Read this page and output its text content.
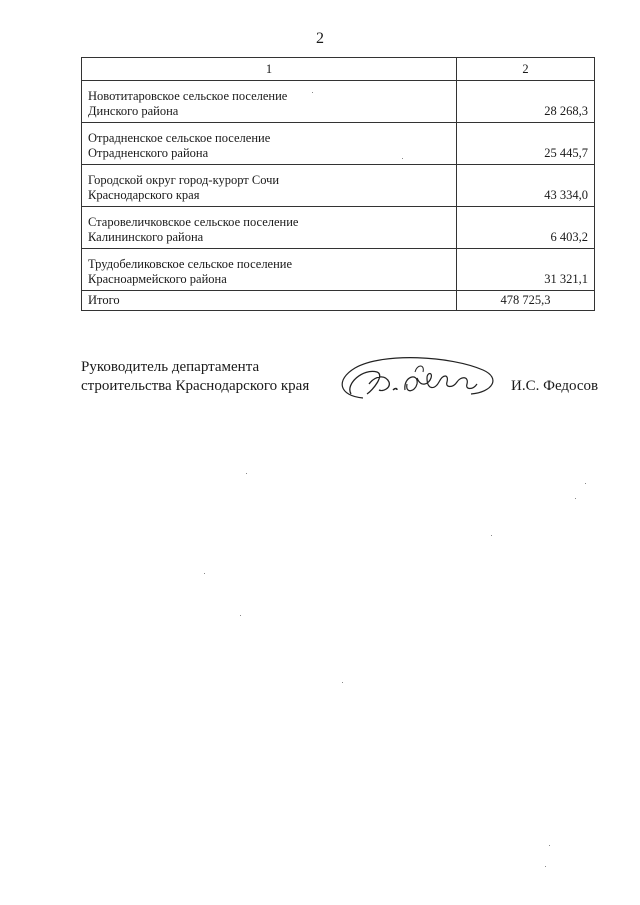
2
1	2

Новотитаровское сельское поселение
Динского района	28 268,3

Отрадненское сельское поселение
Отрадненского района	25 445,7

Городской округ город-курорт Сочи
Краснодарского края	43 334,0

Старовеличковское сельское поселение
Калининского района	6 403,2

Трудобеликовское сельское поселение
Красноармейского района	31 321,1
Итого	478 725,3
Руководитель департамента
строительства Краснодарского края	И.С. Федосов
